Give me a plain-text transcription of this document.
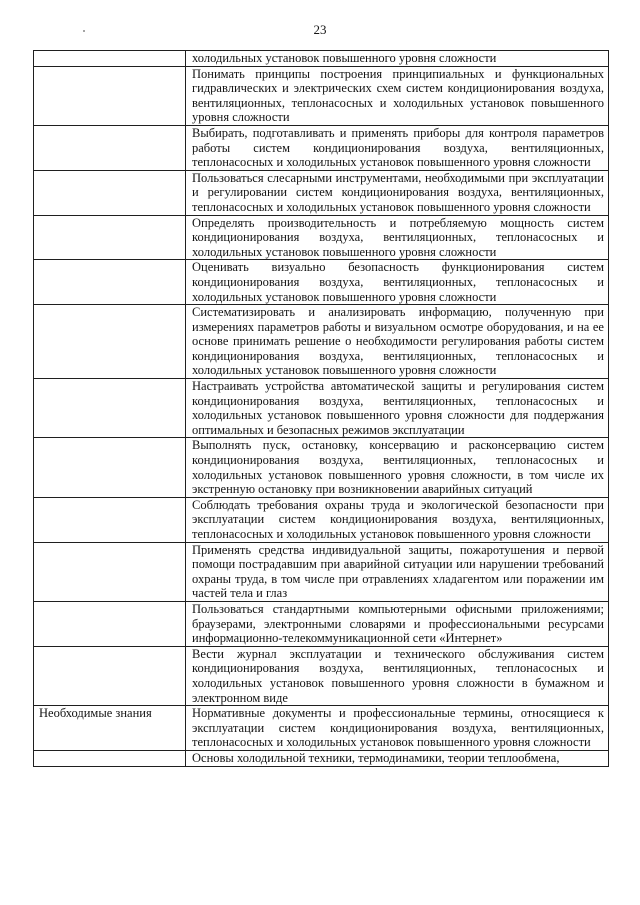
23
	холодильных установок повышенного уровня сложности
	Понимать принципы построения принципиальных и функциональных гидравлических и электрических схем систем кондиционирования воздуха, вентиляционных, теплонасосных и холодильных установок повышенного уровня сложности
	Выбирать, подготавливать и применять приборы для контроля параметров работы систем кондиционирования воздуха, вентиляционных, теплонасосных и холодильных установок повышенного уровня сложности
	Пользоваться слесарными инструментами, необходимыми при эксплуатации и регулировании систем кондиционирования воздуха, вентиляционных, теплонасосных и холодильных установок повышенного уровня сложности
	Определять производительность и потребляемую мощность систем кондиционирования воздуха, вентиляционных, теплонасосных и холодильных установок повышенного уровня сложности
	Оценивать визуально безопасность функционирования систем кондиционирования воздуха, вентиляционных, теплонасосных и холодильных установок повышенного уровня сложности
	Систематизировать и анализировать информацию, полученную при измерениях параметров работы и визуальном осмотре оборудования, и на ее основе принимать решение о необходимости регулирования работы систем кондиционирования воздуха, вентиляционных, теплонасосных и холодильных установок повышенного уровня сложности
	Настраивать устройства автоматической защиты и регулирования систем кондиционирования воздуха, вентиляционных, теплонасосных и холодильных установок повышенного уровня сложности для поддержания оптимальных и безопасных режимов эксплуатации
	Выполнять пуск, остановку, консервацию и расконсервацию систем кондиционирования воздуха, вентиляционных, теплонасосных и холодильных установок повышенного уровня сложности, в том числе их экстренную остановку при возникновении аварийных ситуаций
	Соблюдать требования охраны труда и экологической безопасности при эксплуатации систем кондиционирования воздуха, вентиляционных, теплонасосных и холодильных установок повышенного уровня сложности
	Применять средства индивидуальной защиты, пожаротушения и первой помощи пострадавшим при аварийной ситуации или нарушении требований охраны труда, в том числе при отравлениях хладагентом или поражении им частей тела и глаз
	Пользоваться стандартными компьютерными офисными приложениями; браузерами, электронными словарями и профессиональными ресурсами информационно-телекоммуникационной сети «Интернет»
	Вести журнал эксплуатации и технического обслуживания систем кондиционирования воздуха, вентиляционных, теплонасосных и холодильных установок повышенного уровня сложности в бумажном и электронном виде
Необходимые знания	Нормативные документы и профессиональные термины, относящиеся к эксплуатации систем кондиционирования воздуха, вентиляционных, теплонасосных и холодильных установок повышенного уровня сложности
	Основы холодильной техники, термодинамики, теории теплообмена,
